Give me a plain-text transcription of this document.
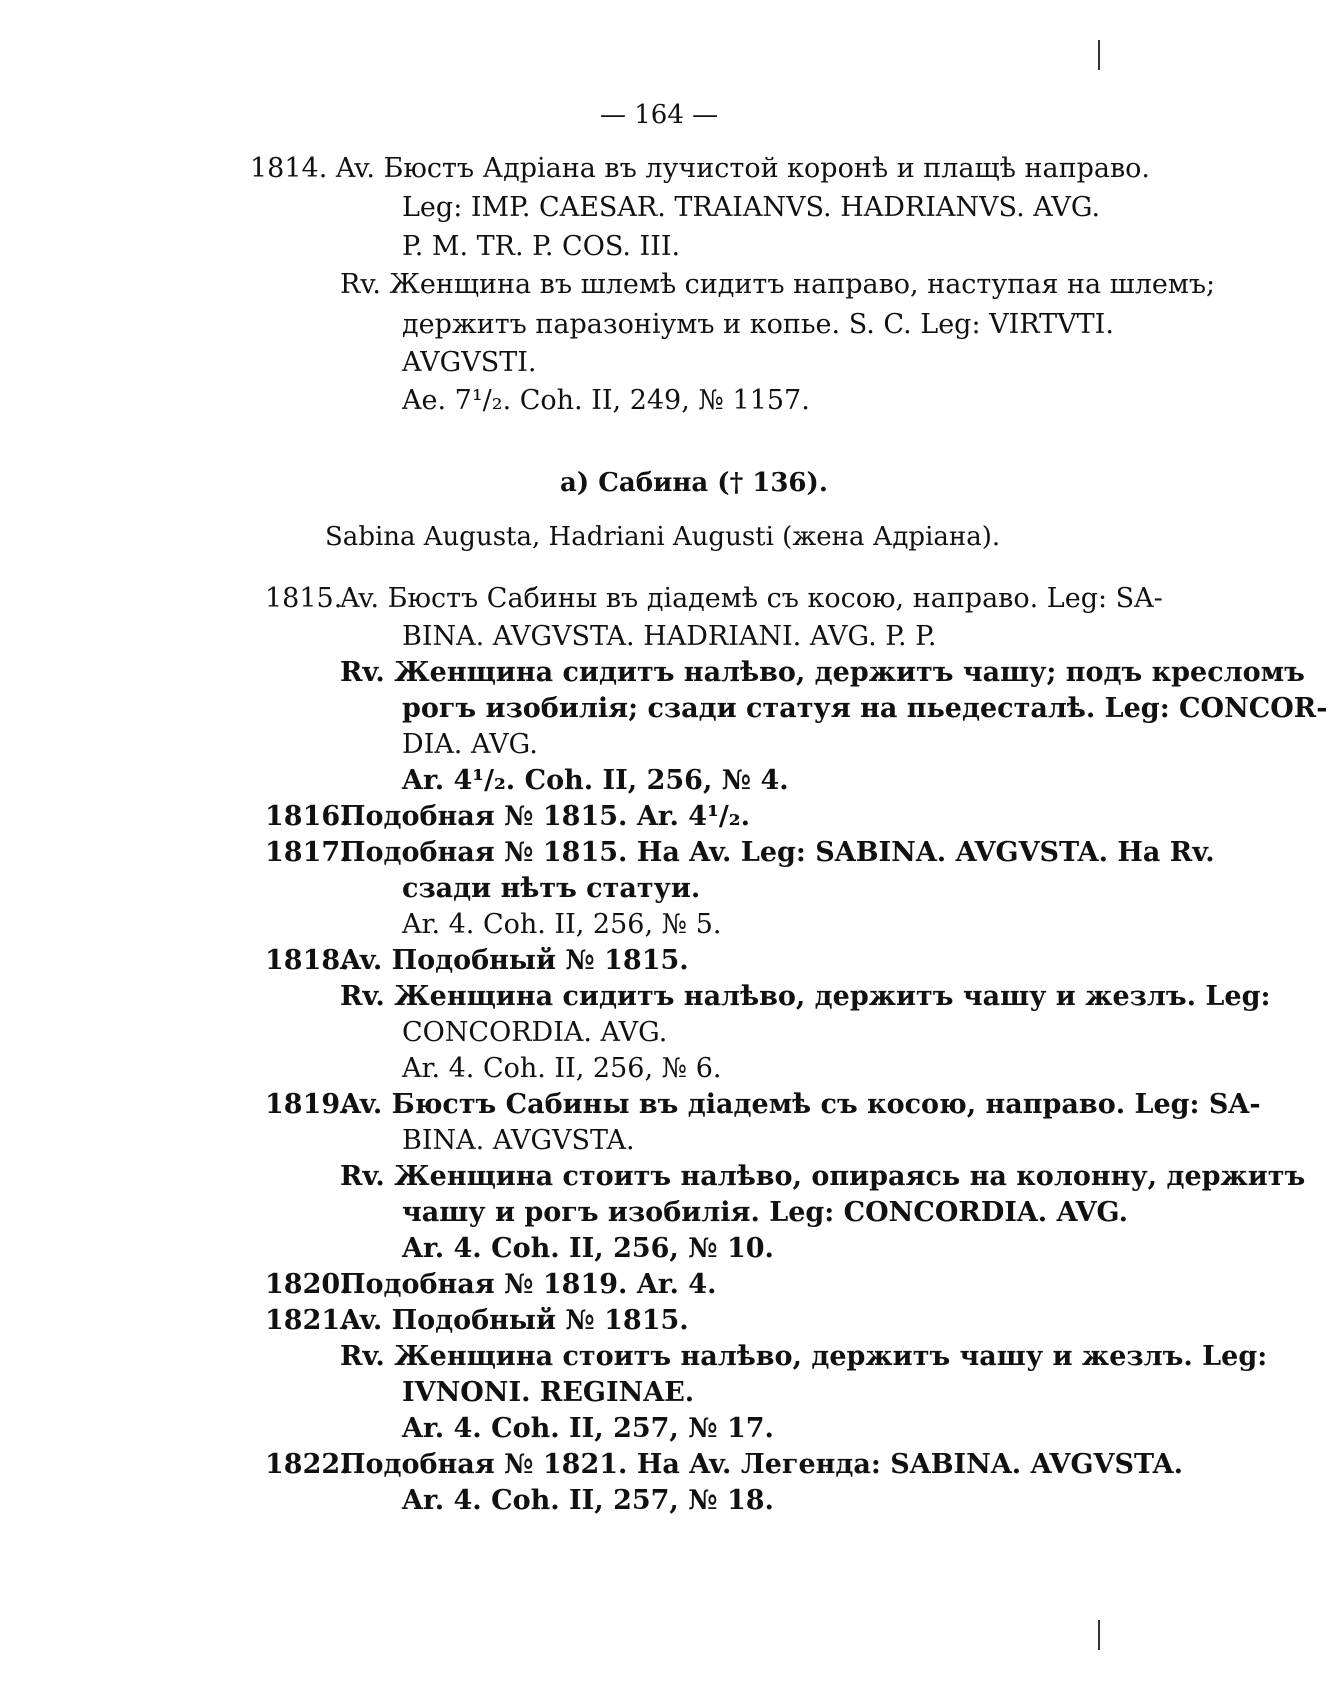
— 164 —
1814. Av. Бюстъ Адріана въ лучистой коронѣ и плащѣ направо.
Leg: IMP. CAESAR. TRAIANVS. HADRIANVS. AVG.
P. M. TR. P. COS. III.
Rv. Женщина въ шлемѣ сидитъ направо, наступая на шлемъ;
держитъ паразоніумъ и копье. S. C. Leg: VIRTVTI.
AVGVSTI.
Ae. 7¹/₂. Coh. II, 249, № 1157.
a) Сабина († 136).
Sabina Augusta, Hadriani Augusti (жена Адріана).
1815.
Av. Бюстъ Сабины въ діадемѣ съ косою, направо. Leg: SA-
BINA. AVGVSTA. HADRIANI. AVG. P. P.
Rv. Женщина сидитъ налѣво, держитъ чашу; подъ кресломъ
рогъ изобилія; сзади статуя на пьедесталѣ. Leg: CONCOR-
DIA. AVG.
Ar. 4¹/₂. Coh. II, 256, № 4.
1816.
Подобная № 1815. Ar. 4¹/₂.
1817.
Подобная № 1815. На Av. Leg: SABINA. AVGVSTA. На Rv.
сзади нѣтъ статуи.
Ar. 4. Coh. II, 256, № 5.
1818.
Av. Подобный № 1815.
Rv. Женщина сидитъ налѣво, держитъ чашу и жезлъ. Leg:
CONCORDIA. AVG.
Ar. 4. Coh. II, 256, № 6.
1819.
Av. Бюстъ Сабины въ діадемѣ съ косою, направо. Leg: SA-
BINA. AVGVSTA.
Rv. Женщина стоитъ налѣво, опираясь на колонну, держитъ
чашу и рогъ изобилія. Leg: CONCORDIA. AVG.
Ar. 4. Coh. II, 256, № 10.
1820.
Подобная № 1819. Ar. 4.
1821.
Av. Подобный № 1815.
Rv. Женщина стоитъ налѣво, держитъ чашу и жезлъ. Leg:
IVNONI. REGINAE.
Ar. 4. Coh. II, 257, № 17.
1822.
Подобная № 1821. На Av. Легенда: SABINA. AVGVSTA.
Ar. 4. Coh. II, 257, № 18.
